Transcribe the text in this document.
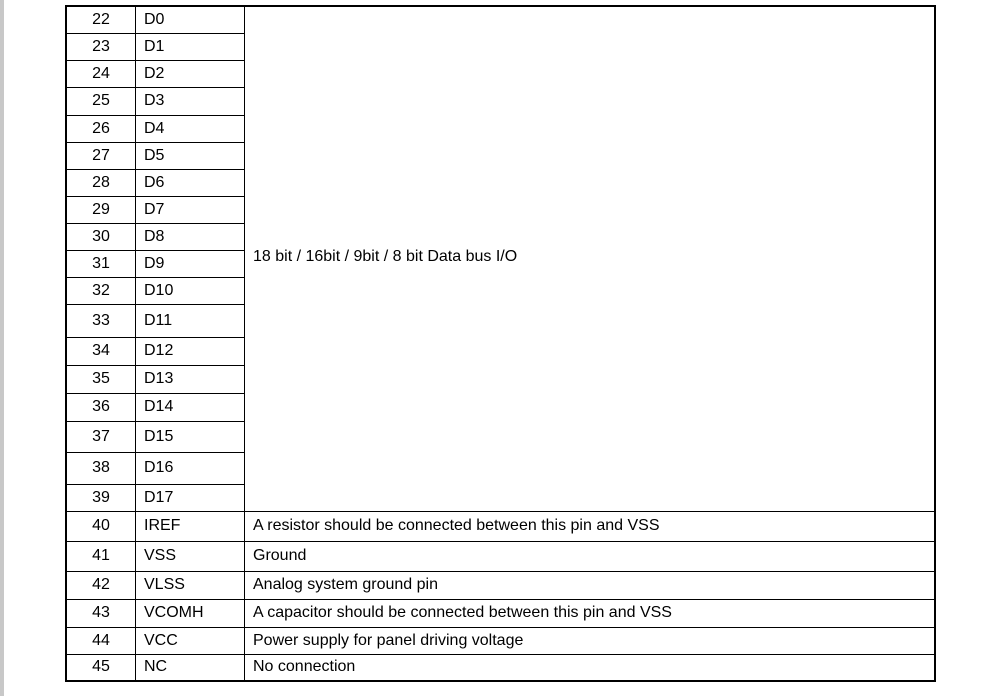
22	D0	18 bit / 16bit / 9bit / 8 bit Data bus I/O
23	D1	
24	D2	
25	D3	
26	D4	
27	D5	
28	D6	
29	D7	
30	D8	
31	D9	
32	D10	
33	D11	
34	D12	
35	D13	
36	D14	
37	D15	
38	D16	
39	D17	
40	IREF	A resistor should be connected between this pin and VSS
41	VSS	Ground
42	VLSS	Analog system ground pin
43	VCOMH	A capacitor should be connected between this pin and VSS
44	VCC	Power supply for panel driving voltage
45	NC	No connection
